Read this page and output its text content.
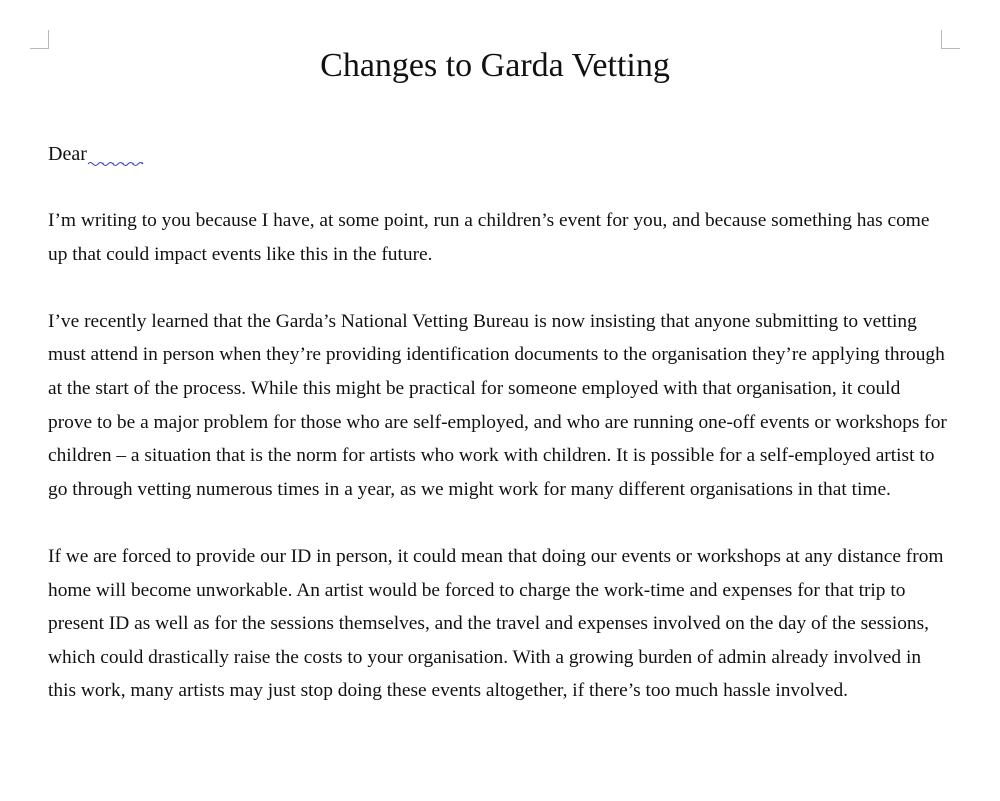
Changes to Garda Vetting
Dear

I’m writing to you because I have, at some point, run a children’s event for you, and because something has come up that could impact events like this in the future.

I’ve recently learned that the Garda’s National Vetting Bureau is now insisting that anyone submitting to vetting must attend in person when they’re providing identification documents to the organisation they’re applying through at the start of the process. While this might be practical for someone employed with that organisation, it could prove to be a major problem for those who are self-employed, and who are running one-off events or workshops for children – a situation that is the norm for artists who work with children. It is possible for a self-employed artist to go through vetting numerous times in a year, as we might work for many different organisations in that time.

If we are forced to provide our ID in person, it could mean that doing our events or workshops at any distance from home will become unworkable. An artist would be forced to charge the work-time and expenses for that trip to present ID as well as for the sessions themselves, and the travel and expenses involved on the day of the sessions, which could drastically raise the costs to your organisation. With a growing burden of admin already involved in this work, many artists may just stop doing these events altogether, if there’s too much hassle involved.
